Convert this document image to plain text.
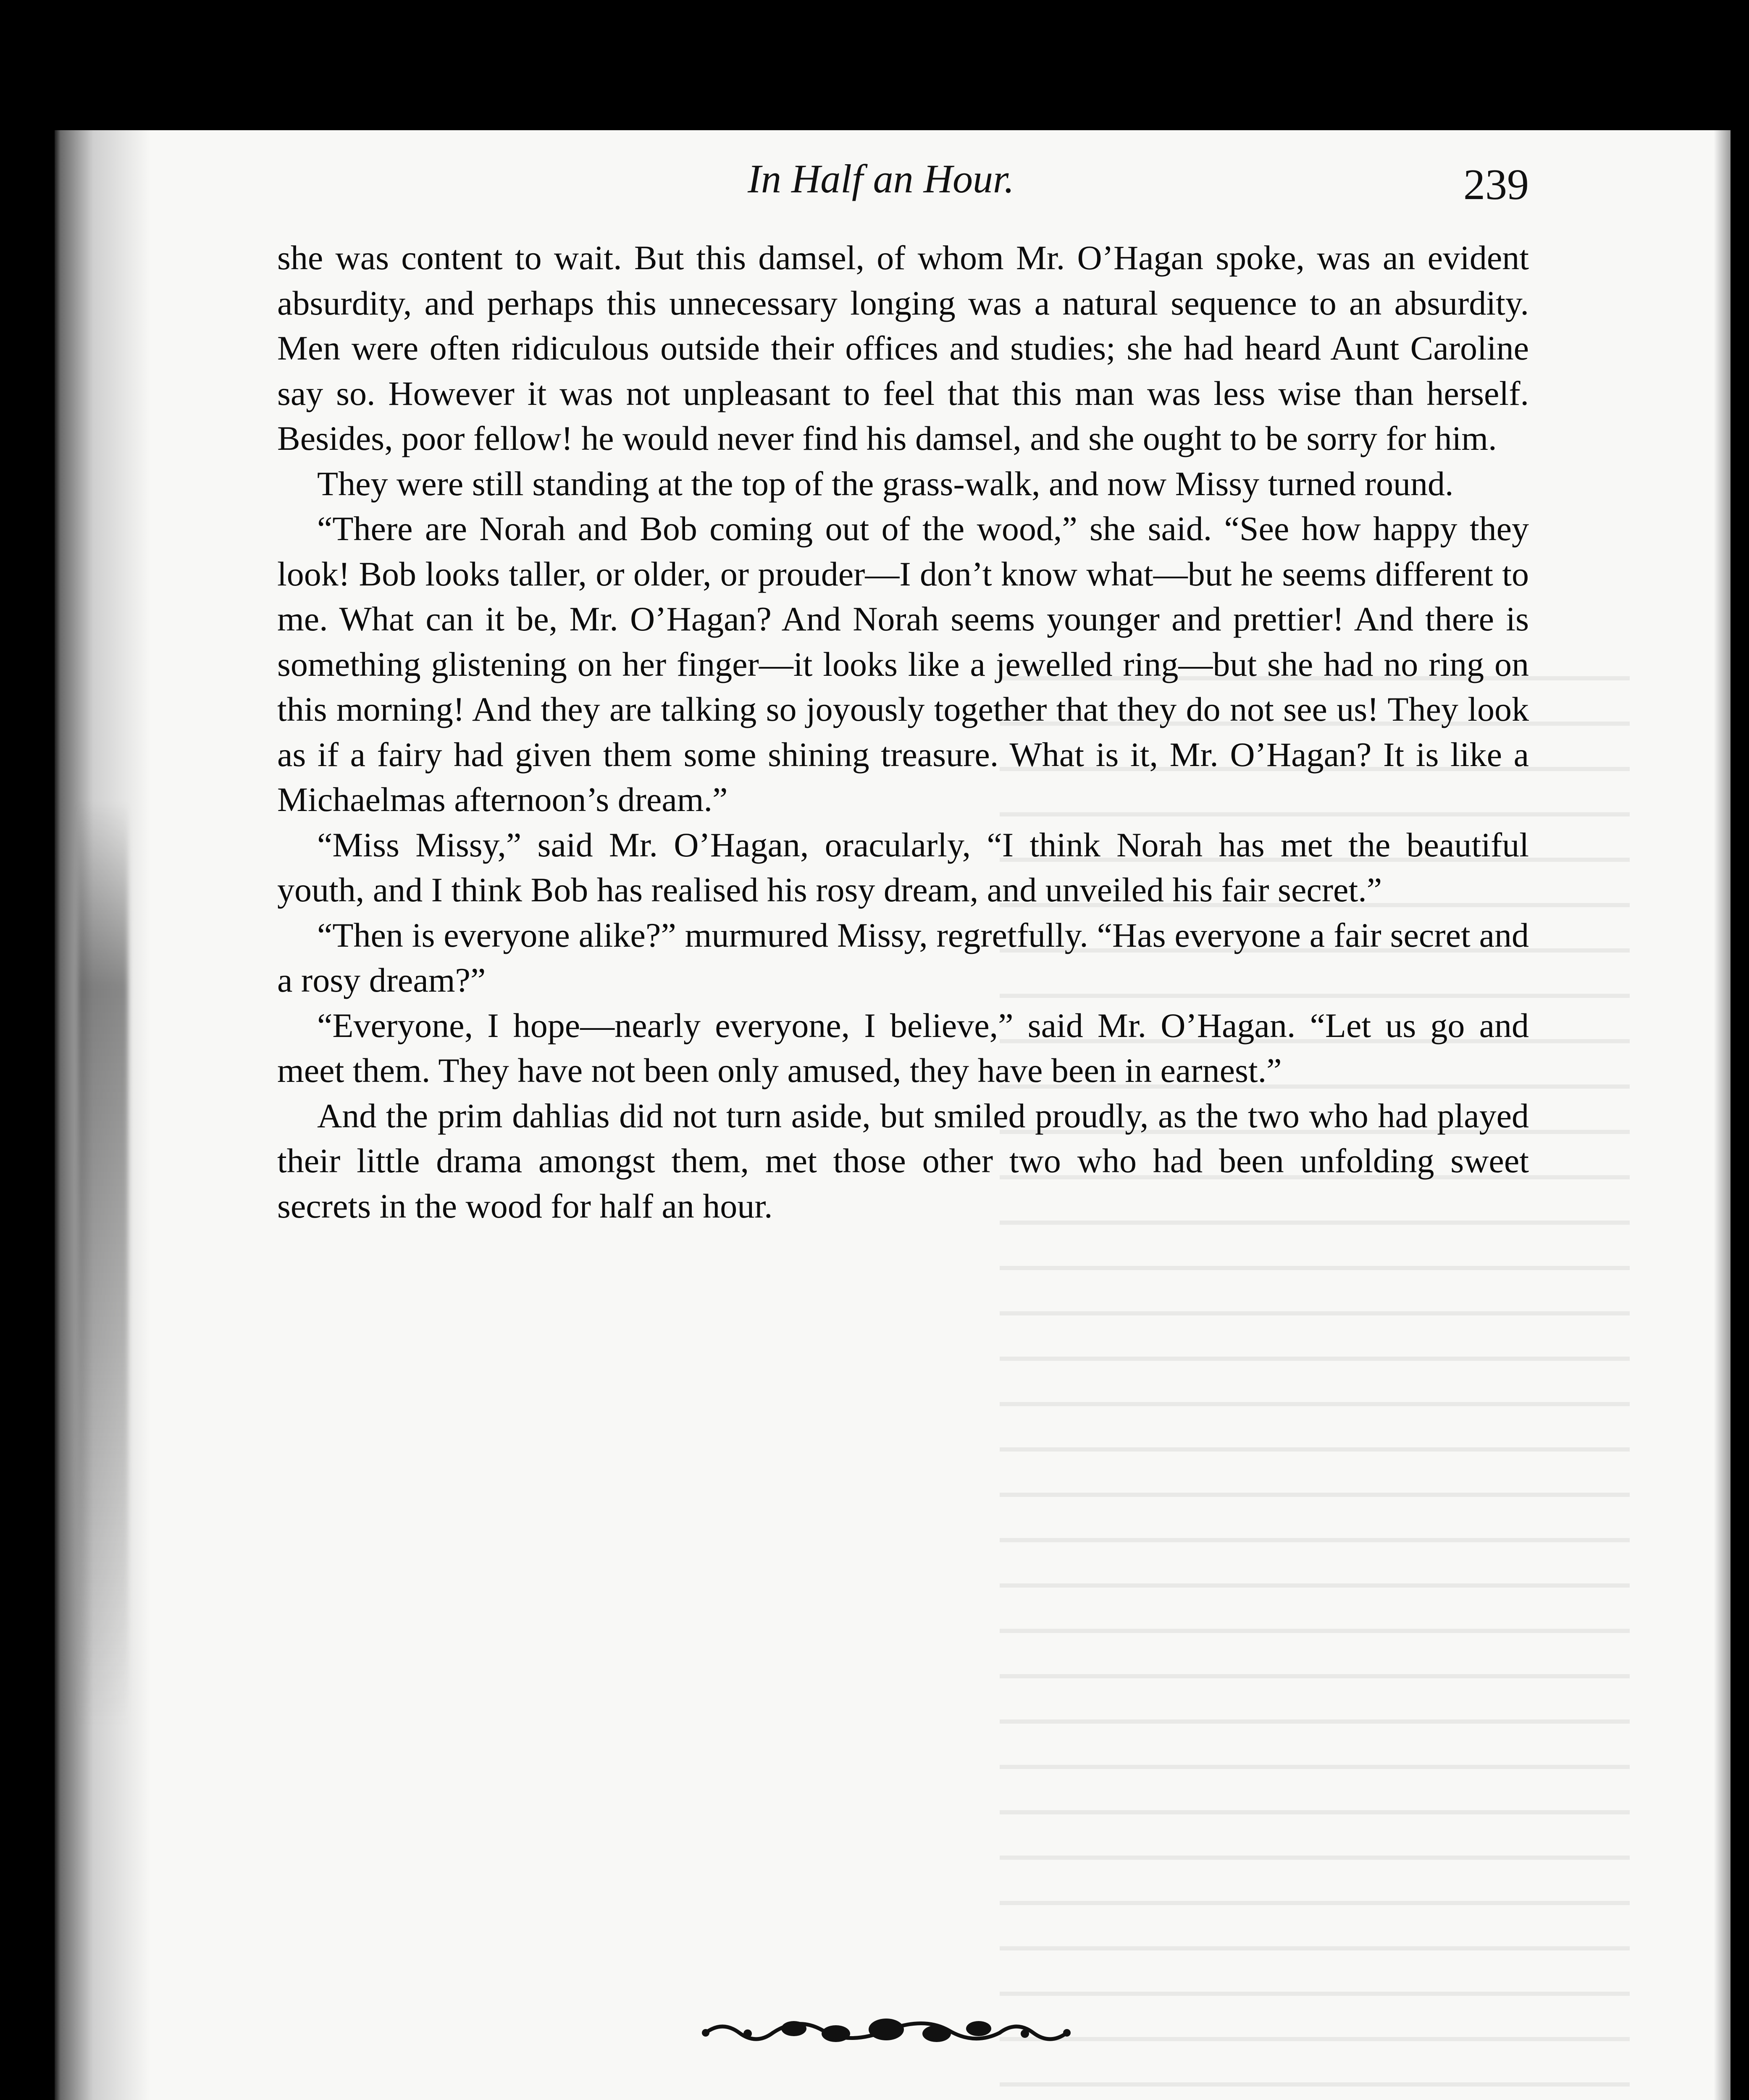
In Half an Hour.	239

she was content to wait. But this damsel, of whom Mr. O’Hagan spoke, was an evident absurdity, and perhaps this unnecessary longing was a natural sequence to an absurdity. Men were often ridiculous outside their offices and studies; she had heard Aunt Caroline say so. However it was not unpleasant to feel that this man was less wise than herself. Besides, poor fellow! he would never find his damsel, and she ought to be sorry for him.

They were still standing at the top of the grass-walk, and now Missy turned round.

“There are Norah and Bob coming out of the wood,” she said. “See how happy they look! Bob looks taller, or older, or prouder—I don’t know what—but he seems different to me. What can it be, Mr. O’Hagan? And Norah seems younger and prettier! And there is something glistening on her finger—it looks like a jewelled ring—but she had no ring on this morning! And they are talking so joyously together that they do not see us! They look as if a fairy had given them some shining treasure. What is it, Mr. O’Hagan? It is like a Michaelmas afternoon’s dream.”

“Miss Missy,” said Mr. O’Hagan, oracularly, “I think Norah has met the beautiful youth, and I think Bob has realised his rosy dream, and unveiled his fair secret.”

“Then is everyone alike?” murmured Missy, regretfully. “Has everyone a fair secret and a rosy dream?”

“Everyone, I hope—nearly everyone, I believe,” said Mr. O’Hagan. “Let us go and meet them. They have not been only amused, they have been in earnest.”

And the prim dahlias did not turn aside, but smiled proudly, as the two who had played their little drama amongst them, met those other two who had been unfolding sweet secrets in the wood for half an hour.
